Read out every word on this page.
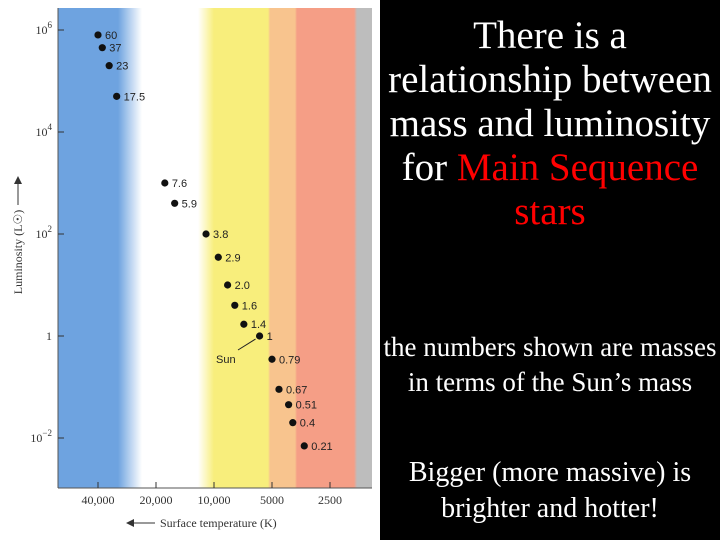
$10^6$
$10^4$
$10^2$
1
$10^{-2}$
40,000 20,000 10,000 5000	2500
Luminosity (L☉)
Surface temperature (K)
60
37
23
17.5
7.6
5.9
3.8
2.9
2.0
1.6
1.4
1
0.79
0.67
0.51
0.4
0.21
Sun
There is a relationship between mass and luminosity for Main Sequence stars
the numbers shown are masses in terms of the Sun’s mass
Bigger (more massive) is brighter and hotter!
